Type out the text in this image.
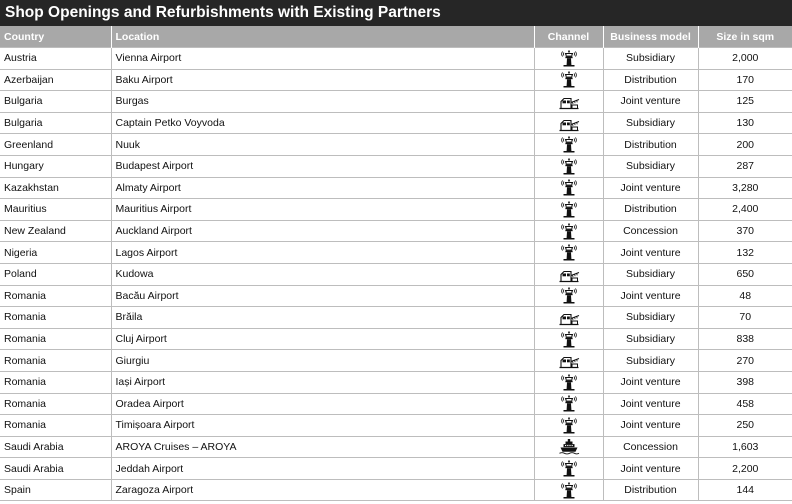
Shop Openings and Refurbishments with Existing Partners
Country	Location	Channel	Business model	Size in sqm
Austria	Vienna Airport		Subsidiary	2,000
Azerbaijan	Baku Airport		Distribution	170
Bulgaria	Burgas		Joint venture	125
Bulgaria	Captain Petko Voyvoda		Subsidiary	130
Greenland	Nuuk		Distribution	200
Hungary	Budapest Airport		Subsidiary	287
Kazakhstan	Almaty Airport		Joint venture	3,280
Mauritius	Mauritius Airport		Distribution	2,400
New Zealand	Auckland Airport		Concession	370
Nigeria	Lagos Airport		Joint venture	132
Poland	Kudowa		Subsidiary	650
Romania	Bacău Airport		Joint venture	48
Romania	Brăila		Subsidiary	70
Romania	Cluj Airport		Subsidiary	838
Romania	Giurgiu		Subsidiary	270
Romania	Iași Airport		Joint venture	398
Romania	Oradea Airport		Joint venture	458
Romania	Timișoara Airport		Joint venture	250
Saudi Arabia	AROYA Cruises – AROYA		Concession	1,603
Saudi Arabia	Jeddah Airport		Joint venture	2,200
Spain	Zaragoza Airport		Distribution	144
